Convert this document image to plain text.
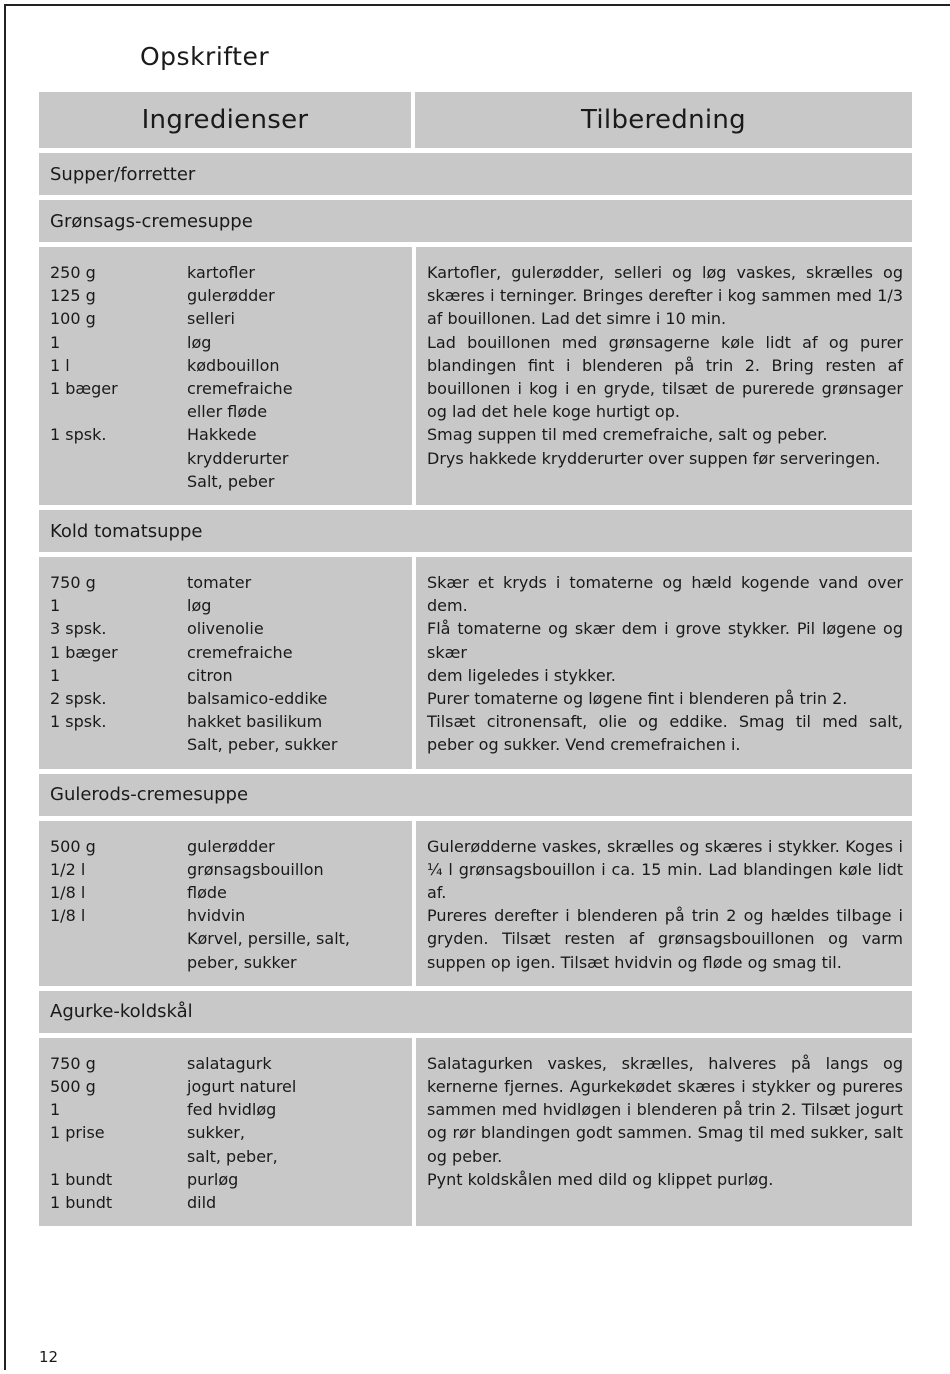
Opskrifter
Ingredienser	Tilberedning
Supper/forretter
Grønsags-cremesuppe
250 g	kartofler
125 g	gulerødder
100 g	selleri
1	løg
1 l	kødbouillon
1 bæger	cremefraiche
eller fløde
1 spsk.	Hakkede
krydderurter
Salt, peber
Kartofler, gulerødder, selleri og løg vaskes, skrælles og skæres i terninger. Bringes derefter i kog sammen med 1/3 af bouillonen. Lad det simre i 10 min.
Lad bouillonen med grønsagerne køle lidt af og purer blandingen fint i blenderen på trin 2. Bring resten af bouillonen i kog i en gryde, tilsæt de purerede grønsager og lad det hele koge hurtigt op.
Smag suppen til med cremefraiche, salt og peber.
Drys hakkede krydderurter over suppen før serveringen.
Kold tomatsuppe
750 g	tomater
1	løg
3 spsk.	olivenolie
1 bæger	cremefraiche
1	citron
2 spsk.	balsamico-eddike
1 spsk.	hakket basilikum
Salt, peber, sukker
Skær et kryds i tomaterne og hæld kogende vand over dem.
Flå tomaterne og skær dem i grove stykker. Pil løgene og skær
dem ligeledes i stykker.
Purer tomaterne og løgene fint i blenderen på trin 2.
Tilsæt citronensaft, olie og eddike. Smag til med salt, peber og sukker. Vend cremefraichen i.
Gulerods-cremesuppe
500 g	gulerødder
1/2 l	grønsagsbouillon
1/8 l	fløde
1/8 l	hvidvin
Kørvel, persille, salt,
peber, sukker
Gulerødderne vaskes, skrælles og skæres i stykker. Koges i ¼ l grønsagsbouillon i ca. 15 min. Lad blandingen køle lidt af.
Pureres derefter i blenderen på trin 2 og hældes tilbage i gryden. Tilsæt resten af grønsagsbouillonen og varm suppen op igen. Tilsæt hvidvin og fløde og smag til.
Agurke-koldskål
750 g	salatagurk
500 g	jogurt naturel
1	fed hvidløg
1 prise	sukker,
salt, peber,
1 bundt	purløg
1 bundt	dild
Salatagurken vaskes, skrælles, halveres på langs og kernerne fjernes. Agurkekødet skæres i stykker og pureres sammen med hvidløgen i blenderen på trin 2. Tilsæt jogurt og rør blandingen godt sammen. Smag til med sukker, salt og peber.
Pynt koldskålen med dild og klippet purløg.
12
